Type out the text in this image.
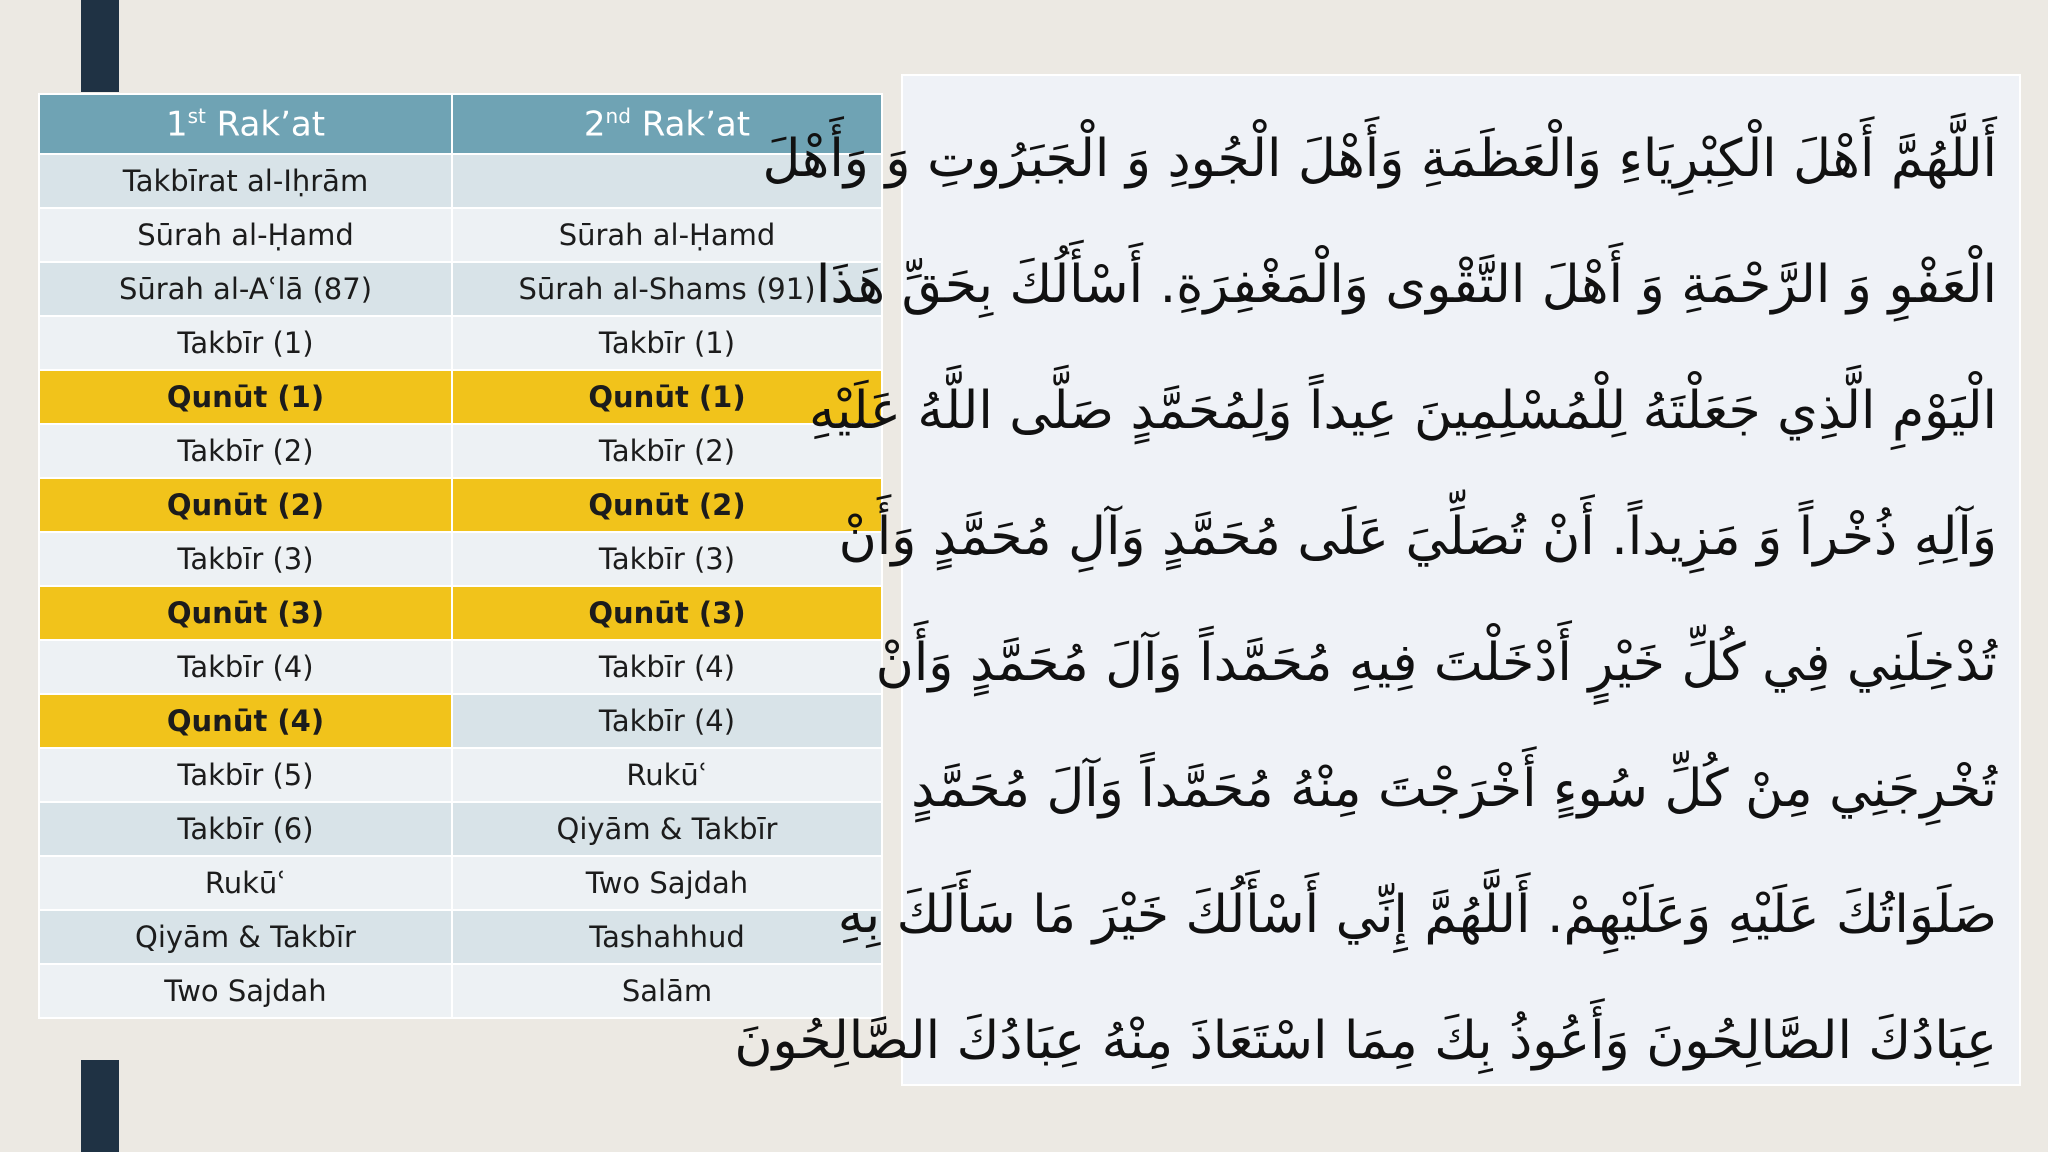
1st Rak’at	2nd Rak’at
Takbīrat al-Iḥrām	
Sūrah al-Ḥamd	Sūrah al-Ḥamd
Sūrah al-Aʿlā (87)	Sūrah al-Shams (91)
Takbīr (1)	Takbīr (1)
Qunūt (1)	Qunūt (1)
Takbīr (2)	Takbīr (2)
Qunūt (2)	Qunūt (2)
Takbīr (3)	Takbīr (3)
Qunūt (3)	Qunūt (3)
Takbīr (4)	Takbīr (4)
Qunūt (4)	Takbīr (4)
Takbīr (5)	Rukūʿ
Takbīr (6)	Qiyām & Takbīr
Rukūʿ	Two Sajdah
Qiyām & Takbīr	Tashahhud
Two Sajdah	Salām
أَللَّهُمَّ أَهْلَ الْكِبْرِيَاءِ وَالْعَظَمَةِ وَأَهْلَ الْجُودِ وَ الْجَبَرُوتِ وَ وَأَهْلَ
الْعَفْوِ وَ الرَّحْمَةِ وَ أَهْلَ التَّقْوى وَالْمَغْفِرَةِ. أَسْأَلُكَ بِحَقِّ هَذَا
الْيَوْمِ الَّذِي جَعَلْتَهُ لِلْمُسْلِمِينَ عِيداً وَلِمُحَمَّدٍ صَلَّى اللَّهُ عَلَيْهِ
وَآلِهِ ذُخْراً وَ مَزِيداً. أَنْ تُصَلِّيَ عَلَى مُحَمَّدٍ وَآلِ مُحَمَّدٍ وَأَنْ
تُدْخِلَنِي فِي كُلِّ خَيْرٍ أَدْخَلْتَ فِيهِ مُحَمَّداً وَآلَ مُحَمَّدٍ وَأَنْ
تُخْرِجَنِي مِنْ كُلِّ سُوءٍ أَخْرَجْتَ مِنْهُ مُحَمَّداً وَآلَ مُحَمَّدٍ
صَلَوَاتُكَ عَلَيْهِ وَعَلَيْهِمْ. أَللَّهُمَّ إِنِّي أَسْأَلُكَ خَيْرَ مَا سَأَلَكَ بِهِ
عِبَادُكَ الصَّالِحُونَ وَأَعُوذُ بِكَ مِمَا اسْتَعَاذَ مِنْهُ عِبَادُكَ الصَّالِحُونَ
